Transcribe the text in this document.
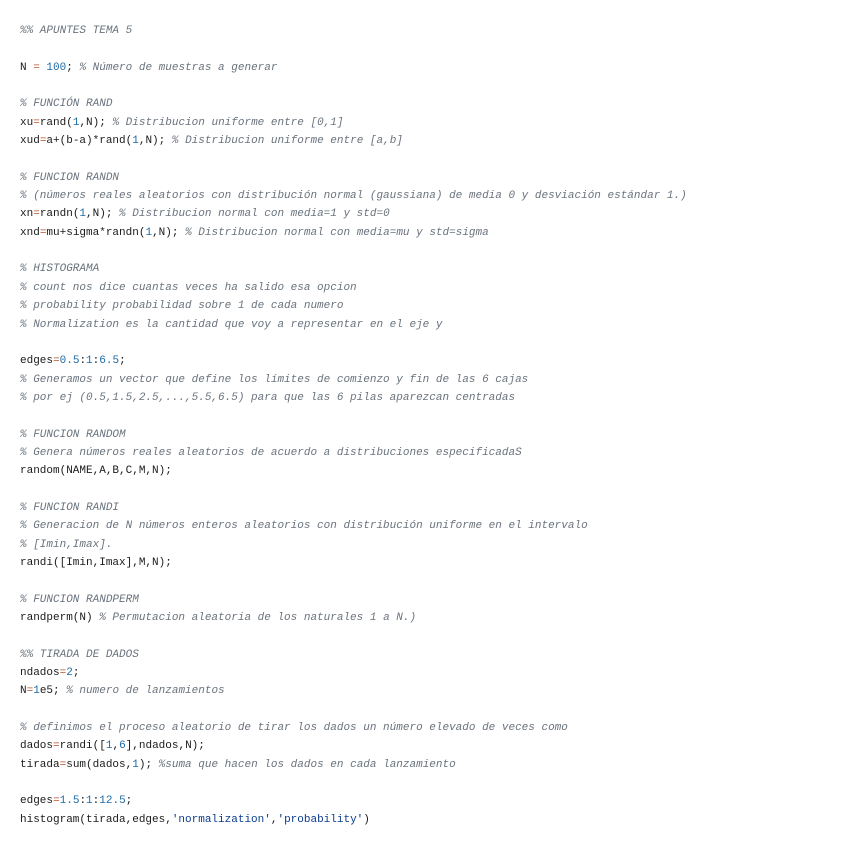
%% APUNTES TEMA 5

N = 100; % Número de muestras a generar

% FUNCIÓN RAND
xu=rand(1,N); % Distribucion uniforme entre [0,1]
xud=a+(b-a)*rand(1,N); % Distribucion uniforme entre [a,b]

% FUNCION RANDN
% (números reales aleatorios con distribución normal (gaussiana) de media 0 y desviación estándar 1.)
xn=randn(1,N); % Distribucion normal con media=1 y std=0
xnd=mu+sigma*randn(1,N); % Distribucion normal con media=mu y std=sigma

% HISTOGRAMA
% count nos dice cuantas veces ha salido esa opcion
% probability probabilidad sobre 1 de cada numero
% Normalization es la cantidad que voy a representar en el eje y

edges=0.5:1:6.5;
% Generamos un vector que define los límites de comienzo y fin de las 6 cajas
% por ej (0.5,1.5,2.5,...,5.5,6.5) para que las 6 pilas aparezcan centradas

% FUNCION RANDOM
% Genera números reales aleatorios de acuerdo a distribuciones especificadaS
random(NAME,A,B,C,M,N);

% FUNCION RANDI
% Generacion de N números enteros aleatorios con distribución uniforme en el intervalo
% [Imin,Imax].
randi([Imin,Imax],M,N);

% FUNCION RANDPERM
randperm(N) % Permutacion aleatoria de los naturales 1 a N.)

%% TIRADA DE DADOS
ndados=2;
N=1e5; % numero de lanzamientos

% definimos el proceso aleatorio de tirar los dados un número elevado de veces como
dados=randi([1,6],ndados,N);
tirada=sum(dados,1); %suma que hacen los dados en cada lanzamiento

edges=1.5:1:12.5;
histogram(tirada,edges,'normalization','probability')
